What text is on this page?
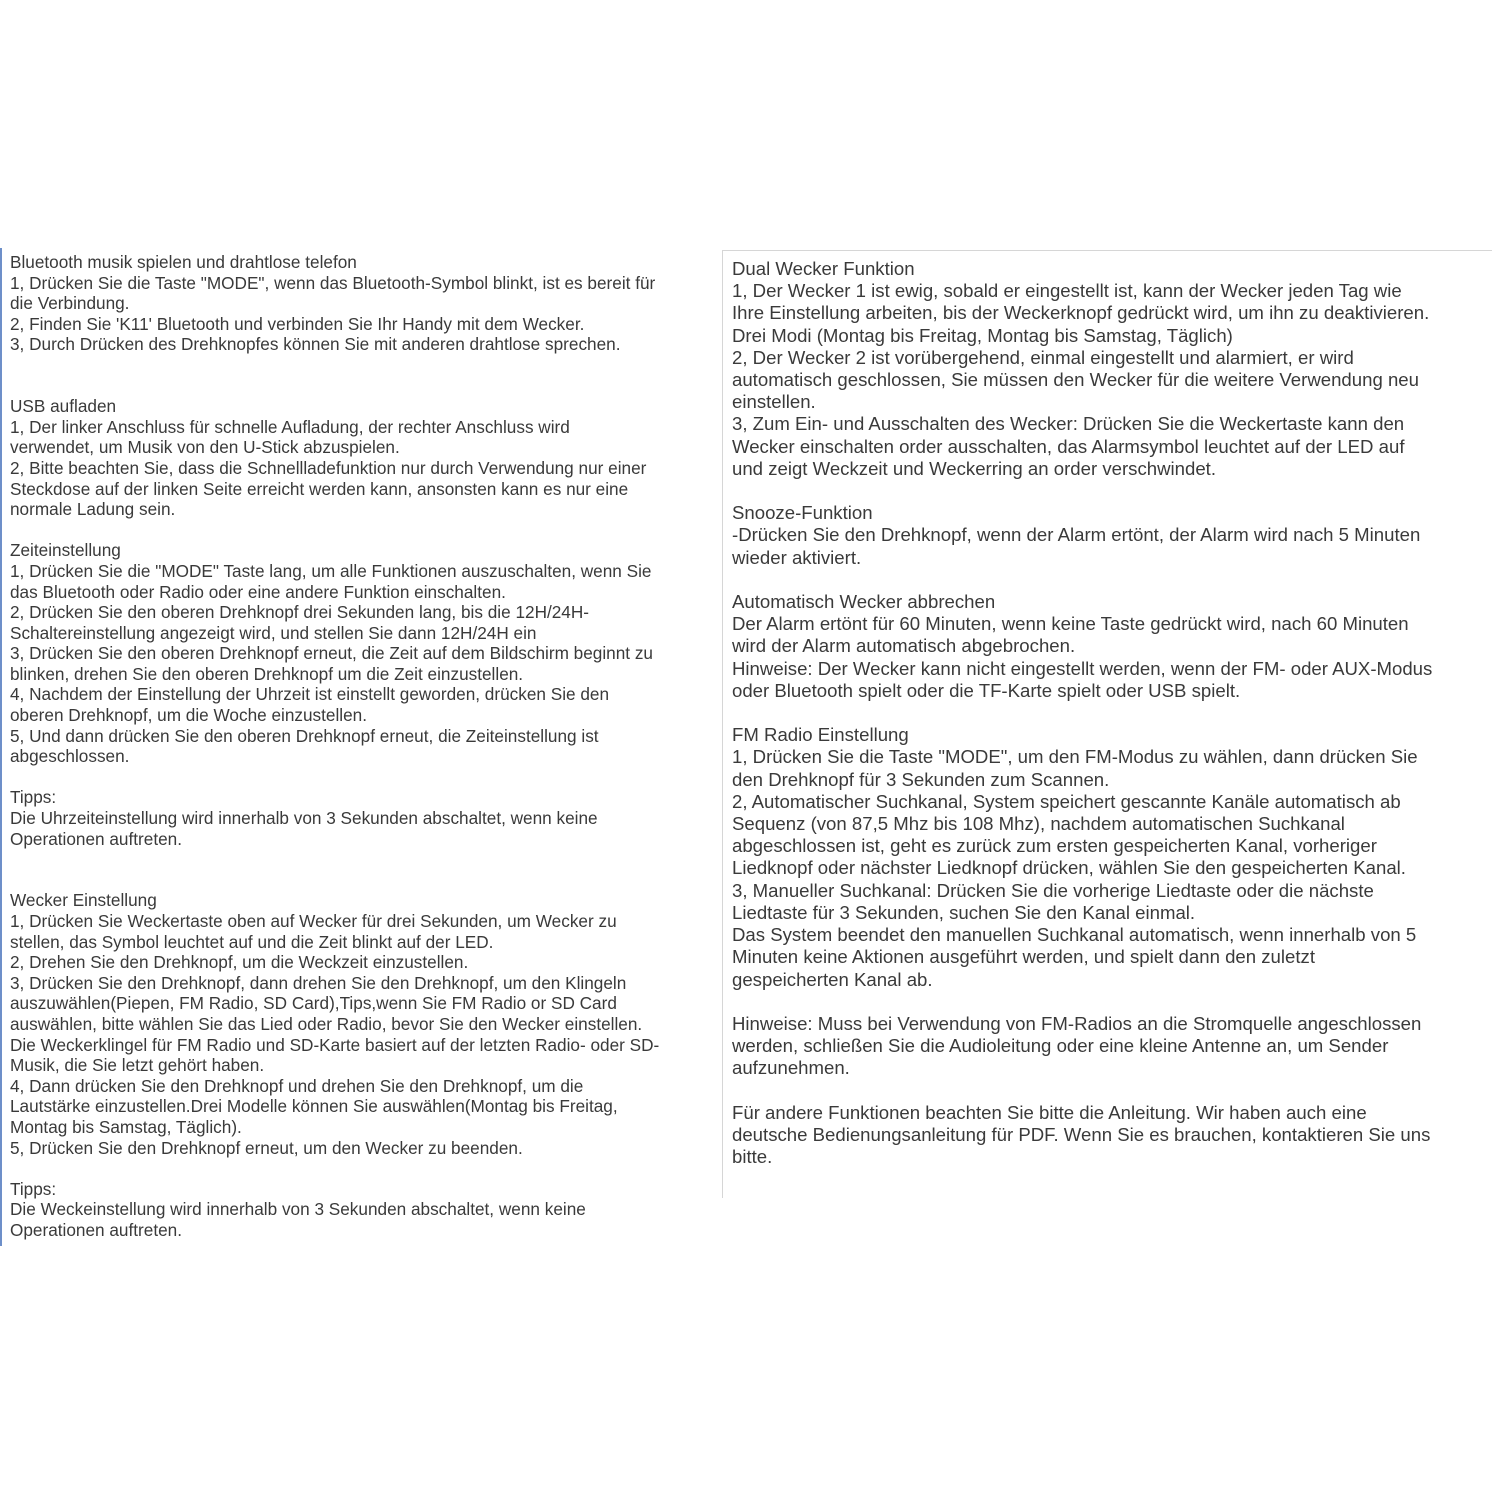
Bluetooth musik spielen und drahtlose telefon
1, Drücken Sie die Taste "MODE", wenn das Bluetooth-Symbol blinkt, ist es bereit für
die Verbindung.
2, Finden Sie 'K11' Bluetooth und verbinden Sie Ihr Handy mit dem Wecker.
3, Durch Drücken des Drehknopfes können Sie mit anderen drahtlose sprechen.

USB aufladen
1, Der linker Anschluss für schnelle Aufladung, der rechter Anschluss wird
verwendet, um Musik von den U-Stick abzuspielen.
2, Bitte beachten Sie, dass die Schnellladefunktion nur durch Verwendung nur einer
Steckdose auf der linken Seite erreicht werden kann, ansonsten kann es nur eine
normale Ladung sein.

Zeiteinstellung
1, Drücken Sie die "MODE" Taste lang, um alle Funktionen auszuschalten, wenn Sie
das Bluetooth oder Radio oder eine andere Funktion einschalten.
2, Drücken Sie den oberen Drehknopf drei Sekunden lang, bis die 12H/24H-
Schaltereinstellung angezeigt wird, und stellen Sie dann 12H/24H ein
3, Drücken Sie den oberen Drehknopf erneut, die Zeit auf dem Bildschirm beginnt zu
blinken, drehen Sie den oberen Drehknopf um die Zeit einzustellen.
4, Nachdem der Einstellung der Uhrzeit ist einstellt geworden, drücken Sie den
oberen Drehknopf, um die Woche einzustellen.
5, Und dann drücken Sie den oberen Drehknopf erneut, die Zeiteinstellung ist
abgeschlossen.

Tipps:
Die Uhrzeiteinstellung wird innerhalb von 3 Sekunden abschaltet, wenn keine
Operationen auftreten.

Wecker Einstellung
1, Drücken Sie Weckertaste oben auf Wecker für drei Sekunden, um Wecker zu
stellen, das Symbol leuchtet auf und die Zeit blinkt auf der LED.
2, Drehen Sie den Drehknopf, um die Weckzeit einzustellen.
3, Drücken Sie den Drehknopf, dann drehen Sie den Drehknopf, um den Klingeln
auszuwählen(Piepen, FM Radio, SD Card),Tips,wenn Sie FM Radio or SD Card
auswählen, bitte wählen Sie das Lied oder Radio, bevor Sie den Wecker einstellen.
Die Weckerklingel für FM Radio und SD-Karte basiert auf der letzten Radio- oder SD-
Musik, die Sie letzt gehört haben.
4, Dann drücken Sie den Drehknopf und drehen Sie den Drehknopf, um die
Lautstärke einzustellen.Drei Modelle können Sie auswählen(Montag bis Freitag,
Montag bis Samstag, Täglich).
5, Drücken Sie den Drehknopf erneut, um den Wecker zu beenden.

Tipps:
Die Weckeinstellung wird innerhalb von 3 Sekunden abschaltet, wenn keine
Operationen auftreten.
Dual Wecker Funktion
1, Der Wecker 1 ist ewig, sobald er eingestellt ist, kann der Wecker jeden Tag wie
Ihre Einstellung arbeiten, bis der Weckerknopf gedrückt wird, um ihn zu deaktivieren.
Drei Modi (Montag bis Freitag, Montag bis Samstag, Täglich)
2, Der Wecker 2 ist vorübergehend, einmal eingestellt und alarmiert, er wird
automatisch geschlossen, Sie müssen den Wecker für die weitere Verwendung neu
einstellen.
3, Zum Ein- und Ausschalten des Wecker: Drücken Sie die Weckertaste kann den
Wecker einschalten order ausschalten, das Alarmsymbol leuchtet auf der LED auf
und zeigt Weckzeit und Weckerring an order verschwindet.

Snooze-Funktion
-Drücken Sie den Drehknopf, wenn der Alarm ertönt, der Alarm wird nach 5 Minuten
wieder aktiviert.

Automatisch Wecker abbrechen
Der Alarm ertönt für 60 Minuten, wenn keine Taste gedrückt wird, nach 60 Minuten
wird der Alarm automatisch abgebrochen.
Hinweise: Der Wecker kann nicht eingestellt werden, wenn der FM- oder AUX-Modus
oder Bluetooth spielt oder die TF-Karte spielt oder USB spielt.

FM Radio Einstellung
1, Drücken Sie die Taste "MODE", um den FM-Modus zu wählen, dann drücken Sie
den Drehknopf für 3 Sekunden zum Scannen.
2, Automatischer Suchkanal, System speichert gescannte Kanäle automatisch ab
Sequenz (von 87,5 Mhz bis 108 Mhz), nachdem automatischen Suchkanal
abgeschlossen ist, geht es zurück zum ersten gespeicherten Kanal, vorheriger
Liedknopf oder nächster Liedknopf drücken, wählen Sie den gespeicherten Kanal.
3, Manueller Suchkanal: Drücken Sie die vorherige Liedtaste oder die nächste
Liedtaste für 3 Sekunden, suchen Sie den Kanal einmal.
Das System beendet den manuellen Suchkanal automatisch, wenn innerhalb von 5
Minuten keine Aktionen ausgeführt werden, und spielt dann den zuletzt
gespeicherten Kanal ab.

Hinweise: Muss bei Verwendung von FM-Radios an die Stromquelle angeschlossen
werden, schließen Sie die Audioleitung oder eine kleine Antenne an, um Sender
aufzunehmen.

Für andere Funktionen beachten Sie bitte die Anleitung. Wir haben auch eine
deutsche Bedienungsanleitung für PDF. Wenn Sie es brauchen, kontaktieren Sie uns
bitte.
